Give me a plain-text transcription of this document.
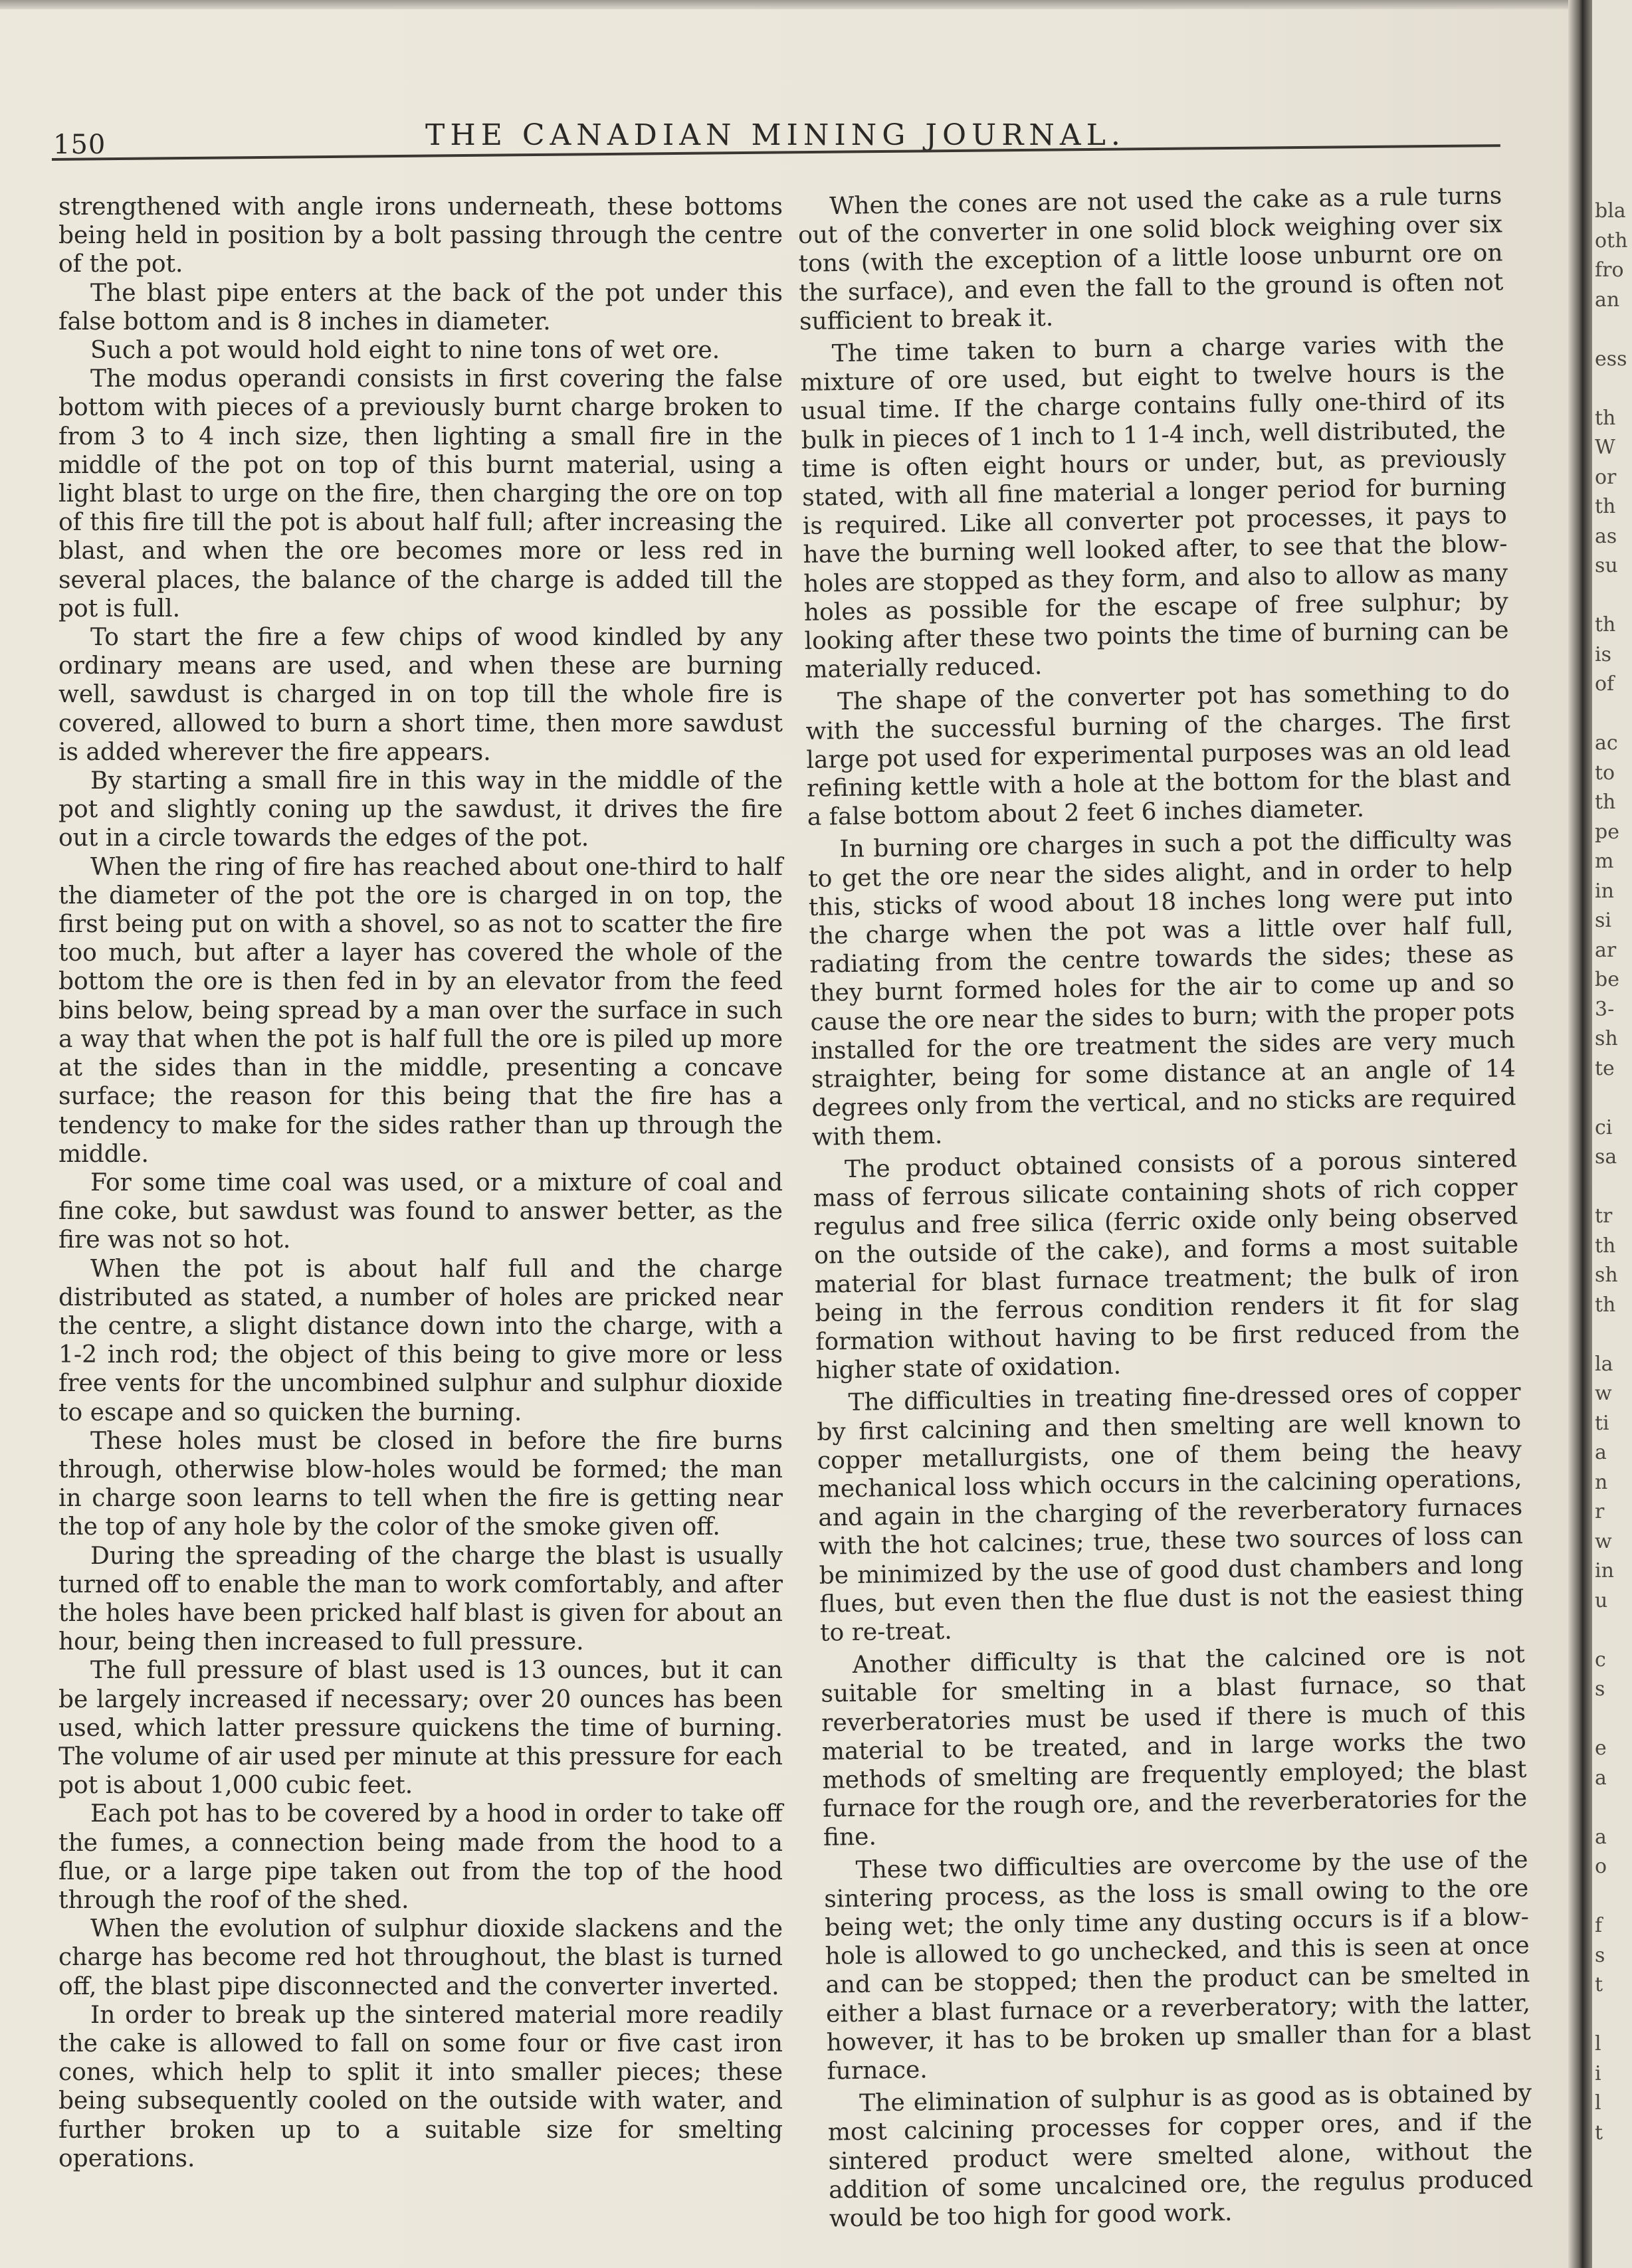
150	THE CANADIAN MINING JOURNAL.

strengthened with angle irons underneath, these bottoms being held in position by a bolt passing through the centre of the pot.

The blast pipe enters at the back of the pot under this false bottom and is 8 inches in diameter.

Such a pot would hold eight to nine tons of wet ore.

The modus operandi consists in first covering the false bottom with pieces of a previously burnt charge broken to from 3 to 4 inch size, then lighting a small fire in the middle of the pot on top of this burnt material, using a light blast to urge on the fire, then charging the ore on top of this fire till the pot is about half full; after increasing the blast, and when the ore becomes more or less red in several places, the balance of the charge is added till the pot is full.

To start the fire a few chips of wood kindled by any ordinary means are used, and when these are burning well, sawdust is charged in on top till the whole fire is covered, allowed to burn a short time, then more sawdust is added wherever the fire appears.

By starting a small fire in this way in the middle of the pot and slightly coning up the sawdust, it drives the fire out in a circle towards the edges of the pot.

When the ring of fire has reached about one-third to half the diameter of the pot the ore is charged in on top, the first being put on with a shovel, so as not to scatter the fire too much, but after a layer has covered the whole of the bottom the ore is then fed in by an elevator from the feed bins below, being spread by a man over the surface in such a way that when the pot is half full the ore is piled up more at the sides than in the middle, presenting a concave surface; the reason for this being that the fire has a tendency to make for the sides rather than up through the middle.

For some time coal was used, or a mixture of coal and fine coke, but sawdust was found to answer better, as the fire was not so hot.

When the pot is about half full and the charge distributed as stated, a number of holes are pricked near the centre, a slight distance down into the charge, with a 1-2 inch rod; the object of this being to give more or less free vents for the uncombined sulphur and sulphur dioxide to escape and so quicken the burning.

These holes must be closed in before the fire burns through, otherwise blow-holes would be formed; the man in charge soon learns to tell when the fire is getting near the top of any hole by the color of the smoke given off.

During the spreading of the charge the blast is usually turned off to enable the man to work comfortably, and after the holes have been pricked half blast is given for about an hour, being then increased to full pressure.

The full pressure of blast used is 13 ounces, but it can be largely increased if necessary; over 20 ounces has been used, which latter pressure quickens the time of burning. The volume of air used per minute at this pressure for each pot is about 1,000 cubic feet.

Each pot has to be covered by a hood in order to take off the fumes, a connection being made from the hood to a flue, or a large pipe taken out from the top of the hood through the roof of the shed.

When the evolution of sulphur dioxide slackens and the charge has become red hot throughout, the blast is turned off, the blast pipe disconnected and the converter inverted.

In order to break up the sintered material more readily the cake is allowed to fall on some four or five cast iron cones, which help to split it into smaller pieces; these being subsequently cooled on the outside with water, and further broken up to a suitable size for smelting operations.

When the cones are not used the cake as a rule turns out of the converter in one solid block weighing over six tons (with the exception of a little loose unburnt ore on the surface), and even the fall to the ground is often not sufficient to break it.

The time taken to burn a charge varies with the mixture of ore used, but eight to twelve hours is the usual time. If the charge contains fully one-third of its bulk in pieces of 1 inch to 1 1-4 inch, well distributed, the time is often eight hours or under, but, as previously stated, with all fine material a longer period for burning is required. Like all converter pot processes, it pays to have the burning well looked after, to see that the blow-holes are stopped as they form, and also to allow as many holes as possible for the escape of free sulphur; by looking after these two points the time of burning can be materially reduced.

The shape of the converter pot has something to do with the successful burning of the charges. The first large pot used for experimental purposes was an old lead refining kettle with a hole at the bottom for the blast and a false bottom about 2 feet 6 inches diameter.

In burning ore charges in such a pot the difficulty was to get the ore near the sides alight, and in order to help this, sticks of wood about 18 inches long were put into the charge when the pot was a little over half full, radiating from the centre towards the sides; these as they burnt formed holes for the air to come up and so cause the ore near the sides to burn; with the proper pots installed for the ore treatment the sides are very much straighter, being for some distance at an angle of 14 degrees only from the vertical, and no sticks are required with them.

The product obtained consists of a porous sintered mass of ferrous silicate containing shots of rich copper regulus and free silica (ferric oxide only being observed on the outside of the cake), and forms a most suitable material for blast furnace treatment; the bulk of iron being in the ferrous condition renders it fit for slag formation without having to be first reduced from the higher state of oxidation.

The difficulties in treating fine-dressed ores of copper by first calcining and then smelting are well known to copper metallurgists, one of them being the heavy mechanical loss which occurs in the calcining operations, and again in the charging of the reverberatory furnaces with the hot calcines; true, these two sources of loss can be minimized by the use of good dust chambers and long flues, but even then the flue dust is not the easiest thing to re-treat.

Another difficulty is that the calcined ore is not suitable for smelting in a blast furnace, so that reverberatories must be used if there is much of this material to be treated, and in large works the two methods of smelting are frequently employed; the blast furnace for the rough ore, and the reverberatories for the fine.

These two difficulties are overcome by the use of the sintering process, as the loss is small owing to the ore being wet; the only time any dusting occurs is if a blow-hole is allowed to go unchecked, and this is seen at once and can be stopped; then the product can be smelted in either a blast furnace or a reverberatory; with the latter, however, it has to be broken up smaller than for a blast furnace.

The elimination of sulphur is as good as is obtained by most calcining processes for copper ores, and if the sintered product were smelted alone, without the addition of some uncalcined ore, the regulus produced would be too high for good work.

bla
oth
fro
an
ess
th
W
or
th
as
su
th
is
of
ac
to
th
pe
m
in
si
ar
be
3-
sh
te
ci
sa
tr
th
sh
th
la
w
ti
a
n
r
w
in
u
c
s
e
a
a
o
f
s
t
l
i
l
t
